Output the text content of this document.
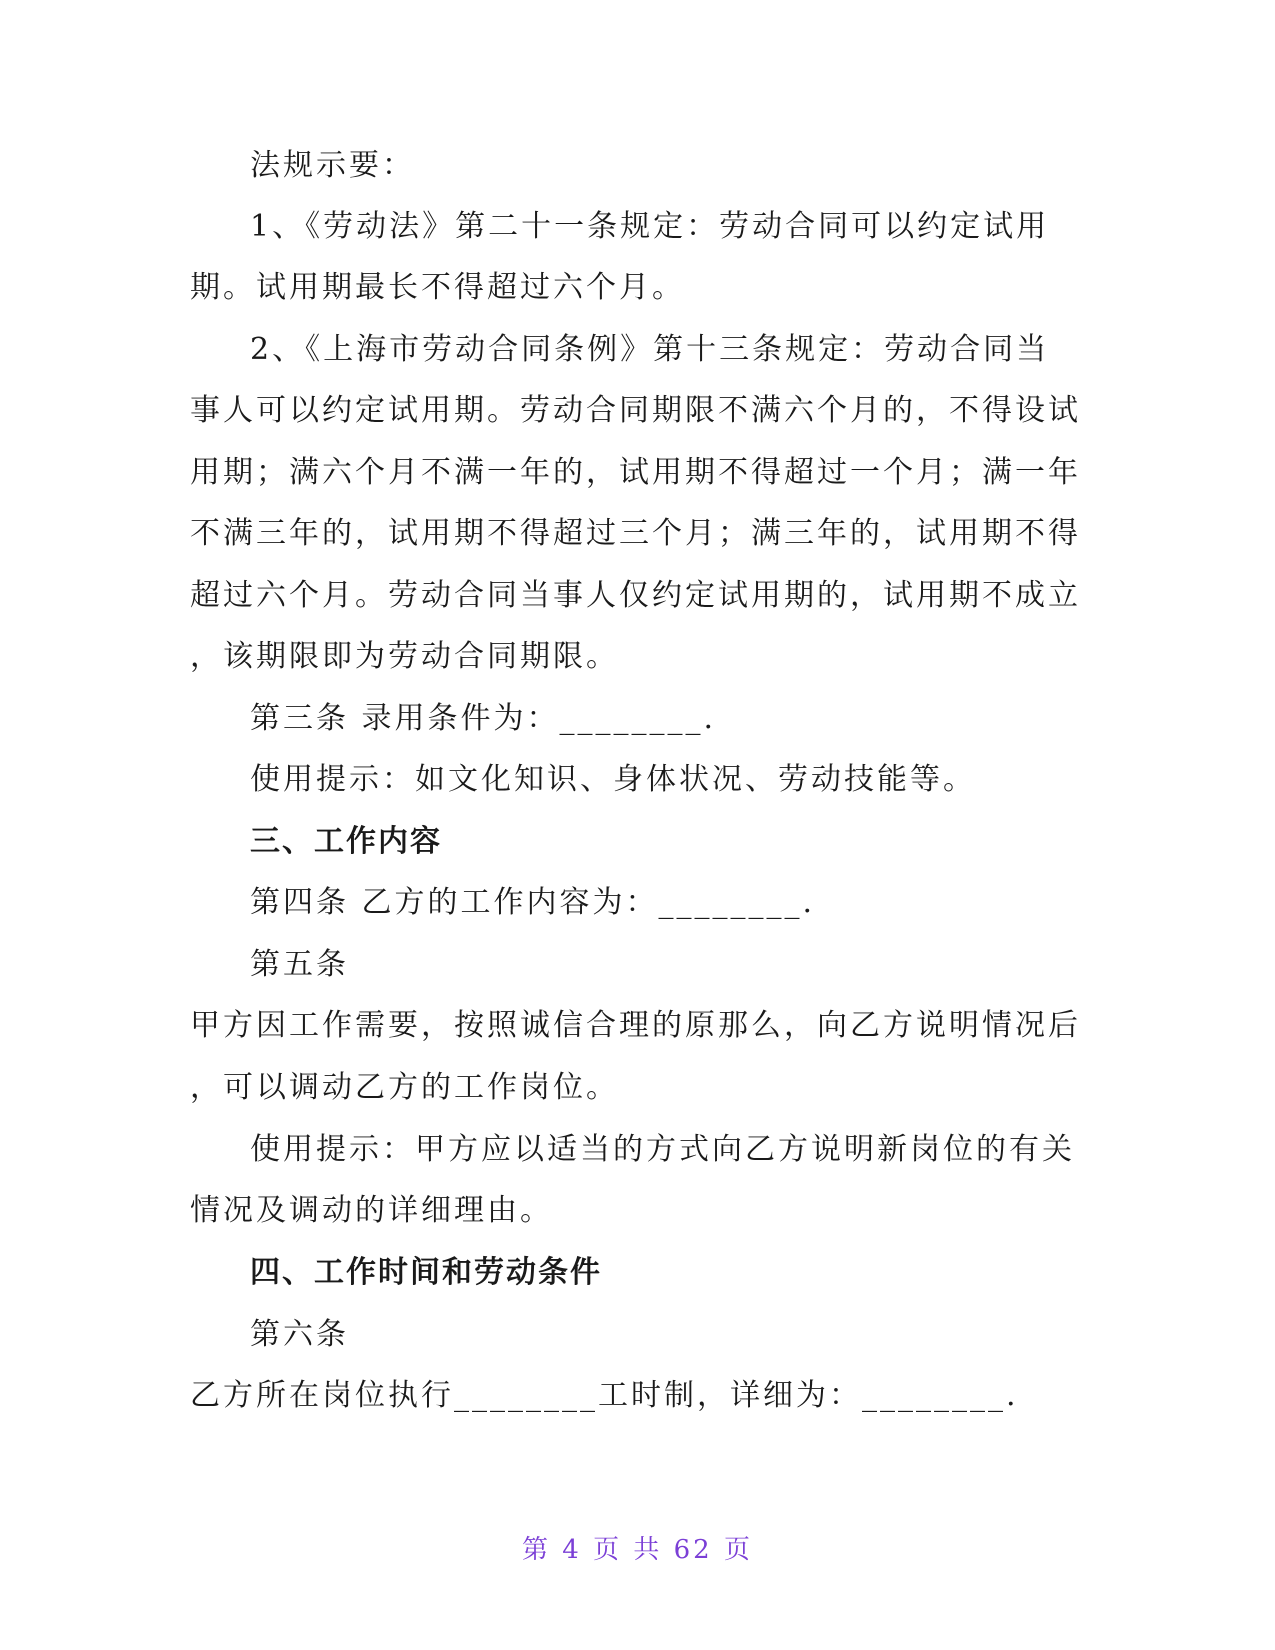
法规示要：
1、《劳动法》第二十一条规定：劳动合同可以约定试用
期。试用期最长不得超过六个月。
2、《上海市劳动合同条例》第十三条规定：劳动合同当
事人可以约定试用期。劳动合同期限不满六个月的，不得设试
用期；满六个月不满一年的，试用期不得超过一个月；满一年
不满三年的，试用期不得超过三个月；满三年的，试用期不得
超过六个月。劳动合同当事人仅约定试用期的，试用期不成立
，该期限即为劳动合同期限。
第三条 录用条件为：________.
使用提示：如文化知识、身体状况、劳动技能等。
三、工作内容
第四条 乙方的工作内容为：________.
第五条
甲方因工作需要，按照诚信合理的原那么，向乙方说明情况后
，可以调动乙方的工作岗位。
使用提示：甲方应以适当的方式向乙方说明新岗位的有关
情况及调动的详细理由。
四、工作时间和劳动条件
第六条
乙方所在岗位执行________工时制，详细为：________.
第 4 页 共 62 页
